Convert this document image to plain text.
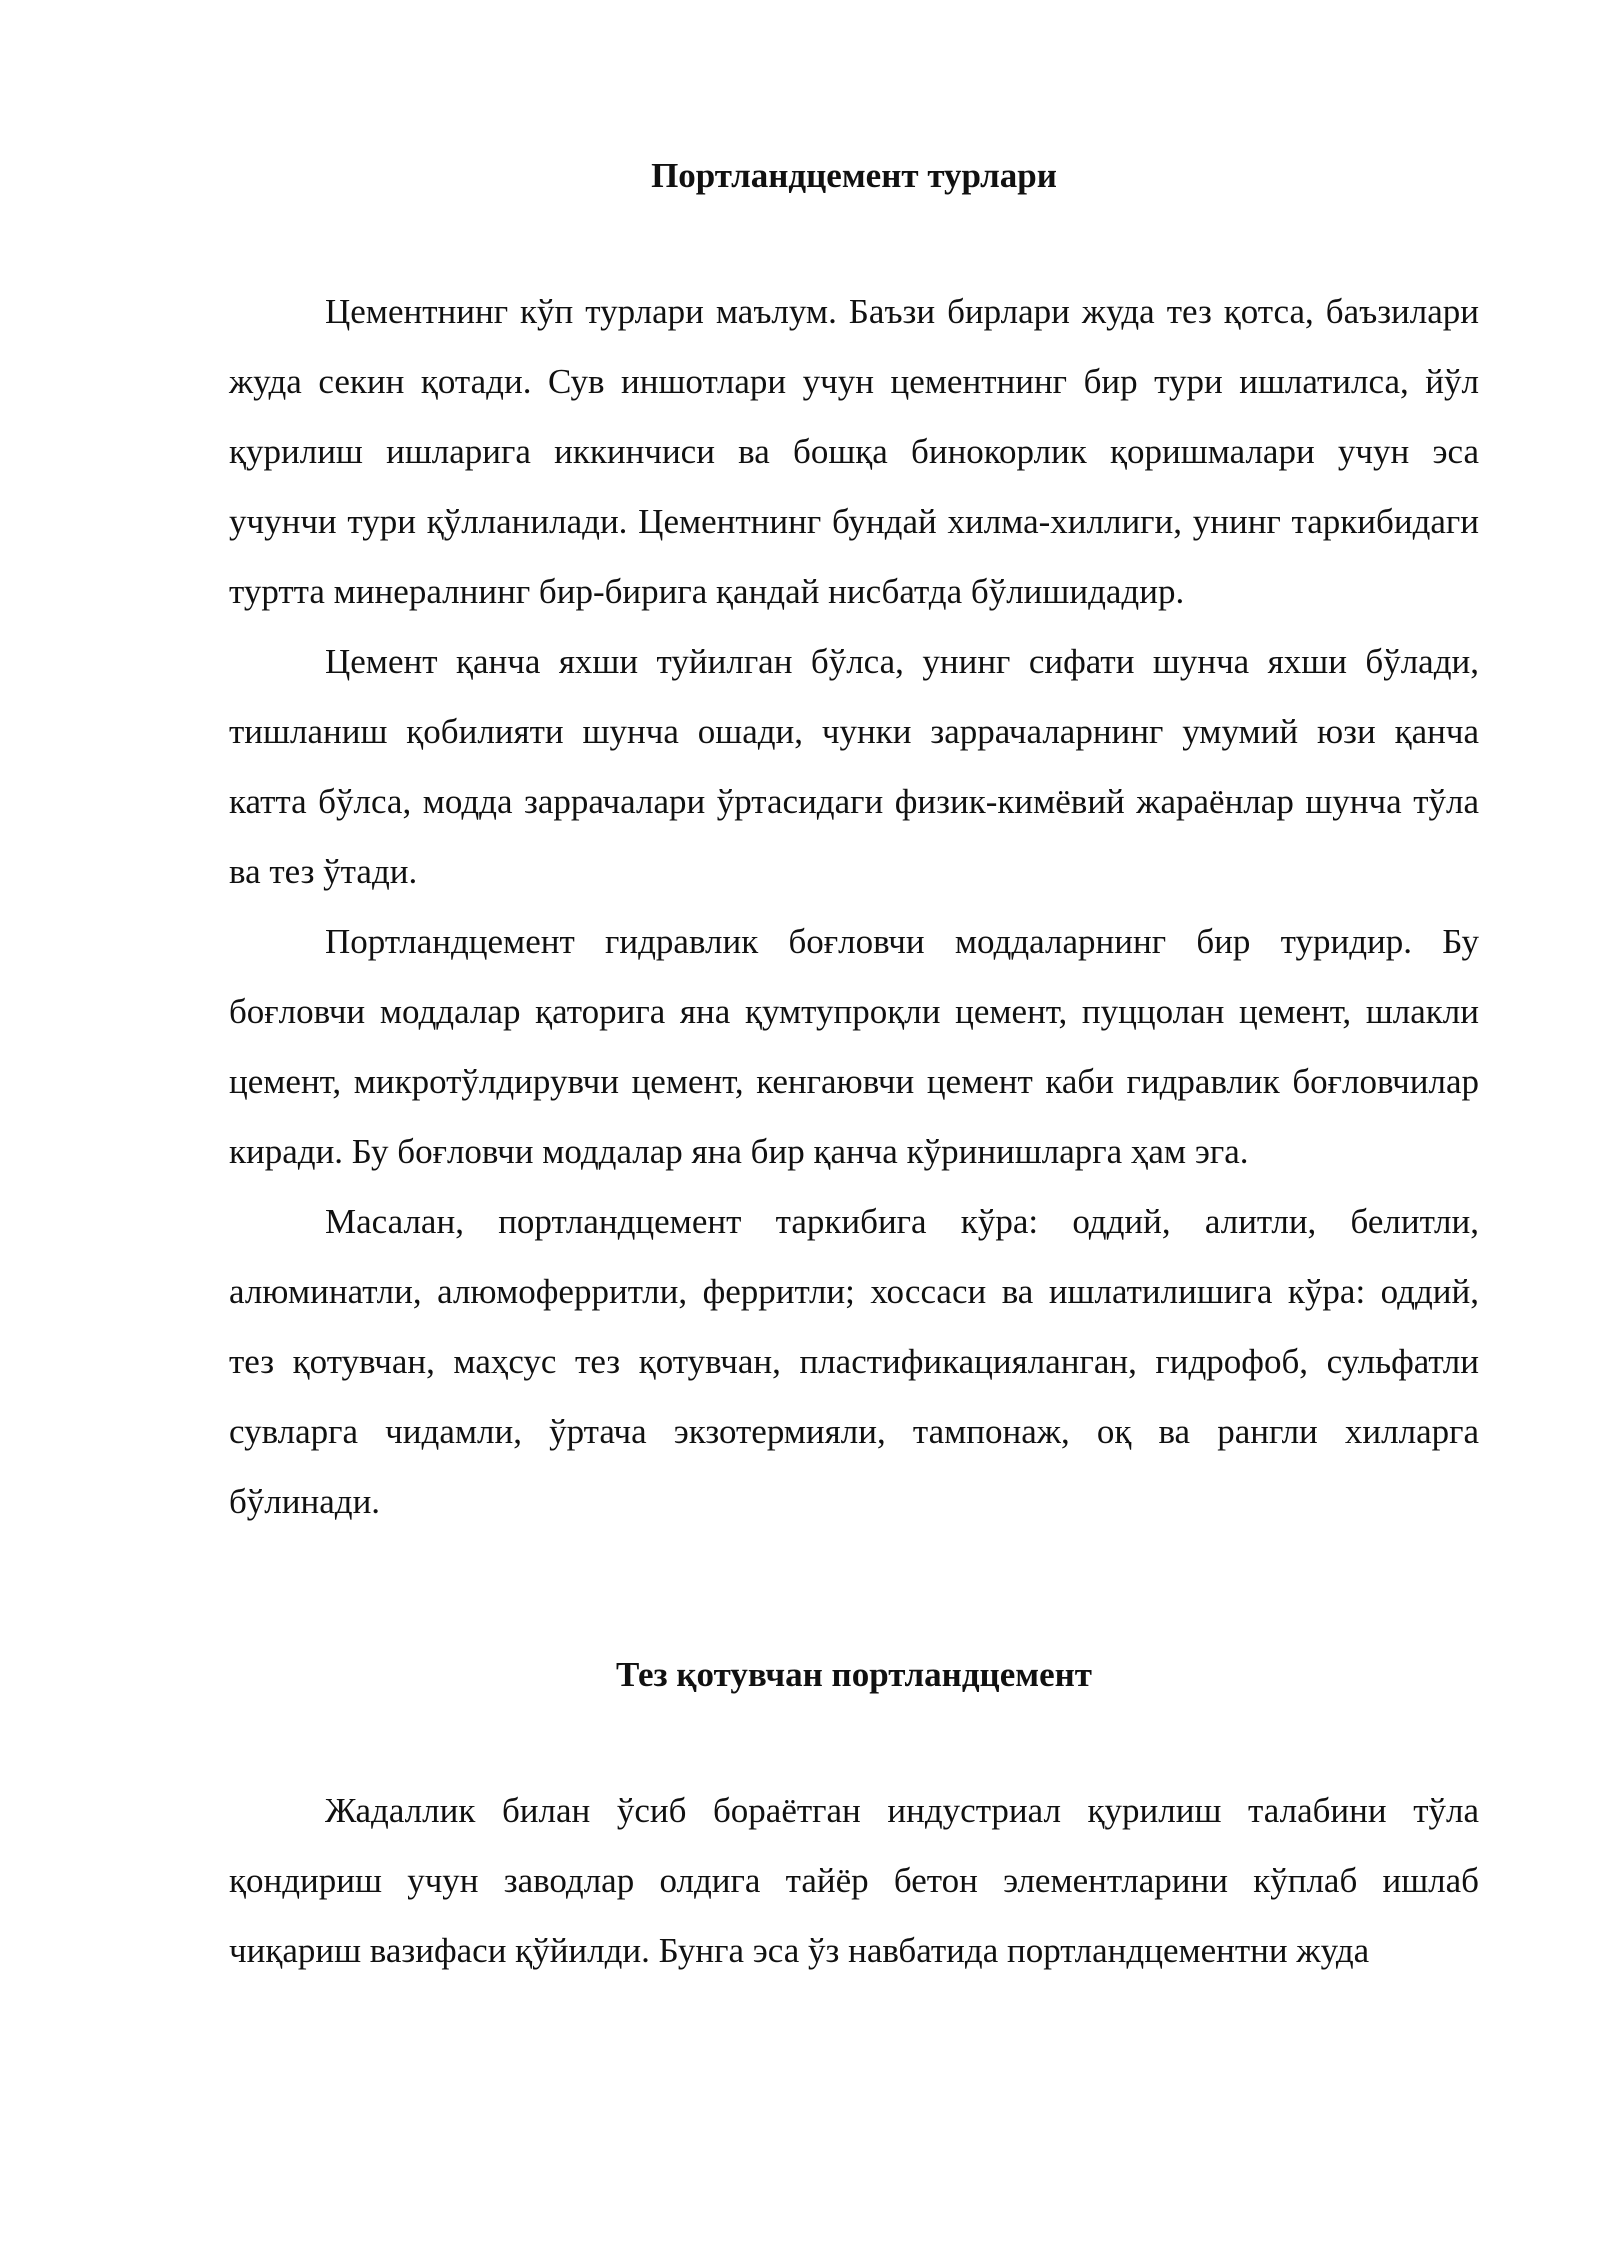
Портландцемент турлари

Цементнинг кўп турлари маълум. Баъзи бирлари жуда тез қотса, баъзилари жуда секин қотади. Сув иншотлари учун цементнинг бир тури ишлатилса, йўл қурилиш ишларига иккинчиси ва бошқа бинокорлик қоришмалари учун эса учунчи тури қўлланилади. Цементнинг бундай хилма-хиллиги, унинг таркибидаги туртта минералнинг бир-бирига қандай нисбатда бўлишидадир.

Цемент қанча яхши туйилган бўлса, унинг сифати шунча яхши бўлади, тишланиш қобилияти шунча ошади, чунки заррачаларнинг умумий юзи қанча катта бўлса, модда заррачалари ўртасидаги физик-кимёвий жараёнлар шунча тўла ва тез ўтади.

Портландцемент гидравлик боғловчи моддаларнинг бир туридир. Бу боғловчи моддалар қаторига яна қумтупроқли цемент, пуццолан цемент, шлакли цемент, микротўлдирувчи цемент, кенгаювчи цемент каби гидравлик боғловчилар киради. Бу боғловчи моддалар яна бир қанча кўринишларга ҳам эга.

Масалан, портландцемент таркибига кўра: оддий, алитли, белитли, алюминатли, алюмоферритли, ферритли; хоссаси ва ишлатилишига кўра: оддий, тез қотувчан, маҳсус тез қотувчан, пластификацияланган, гидрофоб, сульфатли сувларга чидамли, ўртача экзотермияли, тампонаж, оқ ва рангли хилларга бўлинади.

Тез қотувчан портландцемент

Жадаллик билан ўсиб бораётган индустриал қурилиш талабини тўла қондириш учун заводлар олдига тайёр бетон элементларини кўплаб ишлаб чиқариш вазифаси қўйилди. Бунга эса ўз навбатида портландцементни жуда
